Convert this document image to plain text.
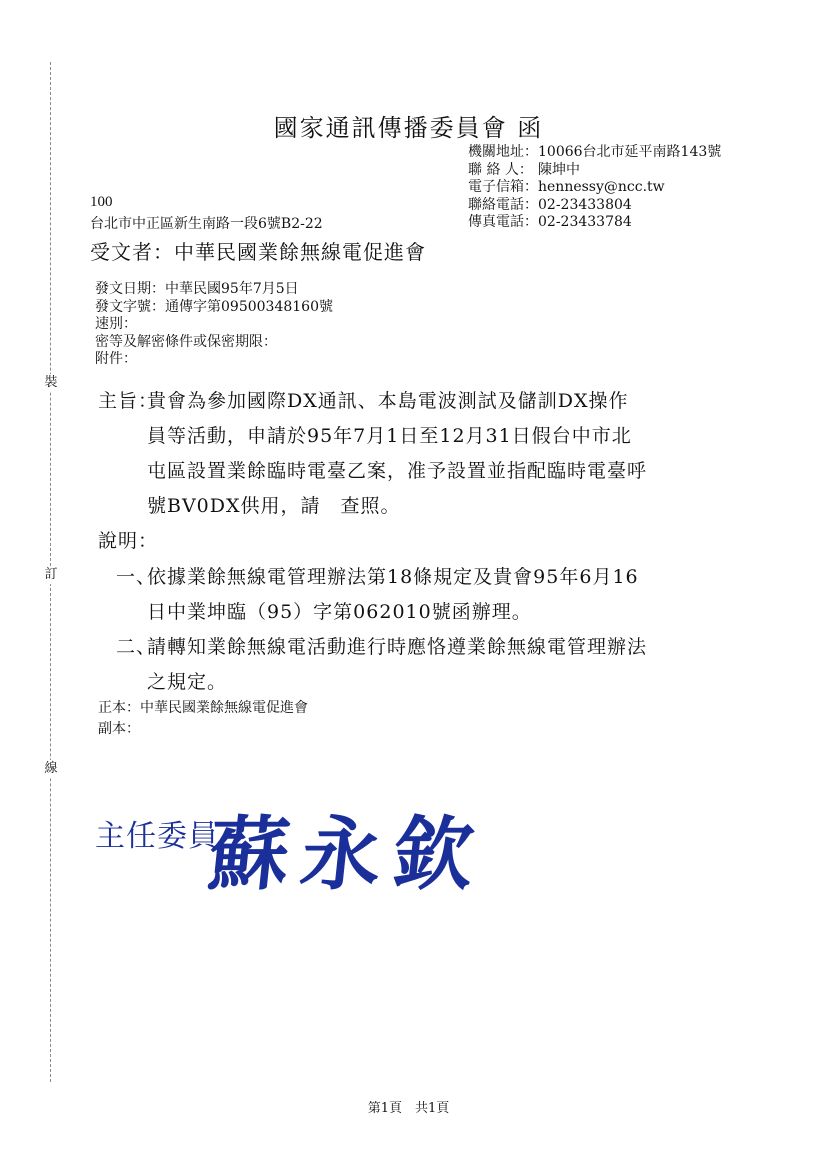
裝
訂
線
國家通訊傳播委員會 函
機關地址： 10066台北市延平南路143號
聯 絡 人： 陳坤中
電子信箱： hennessy@ncc.tw
聯絡電話： 02-23433804
傳真電話： 02-23433784
100
台北市中正區新生南路一段6號B2-22
受文者：中華民國業餘無線電促進會
發文日期：中華民國95年7月5日
發文字號：通傳字第09500348160號
速別：
密等及解密條件或保密期限：
附件：
主旨：
貴會為參加國際DX通訊、本島電波測試及儲訓DX操作
員等活動，申請於95年7月1日至12月31日假台中市北
屯區設置業餘臨時電臺乙案，准予設置並指配臨時電臺呼
號BV0DX供用，請　查照。
說明：
一、
依據業餘無線電管理辦法第18條規定及貴會95年6月16
日中業坤臨（95）字第062010號函辦理。
二、
請轉知業餘無線電活動進行時應恪遵業餘無線電管理辦法
之規定。
正本：中華民國業餘無線電促進會
副本：
主任委員
蘇永欽
第1頁　共1頁
